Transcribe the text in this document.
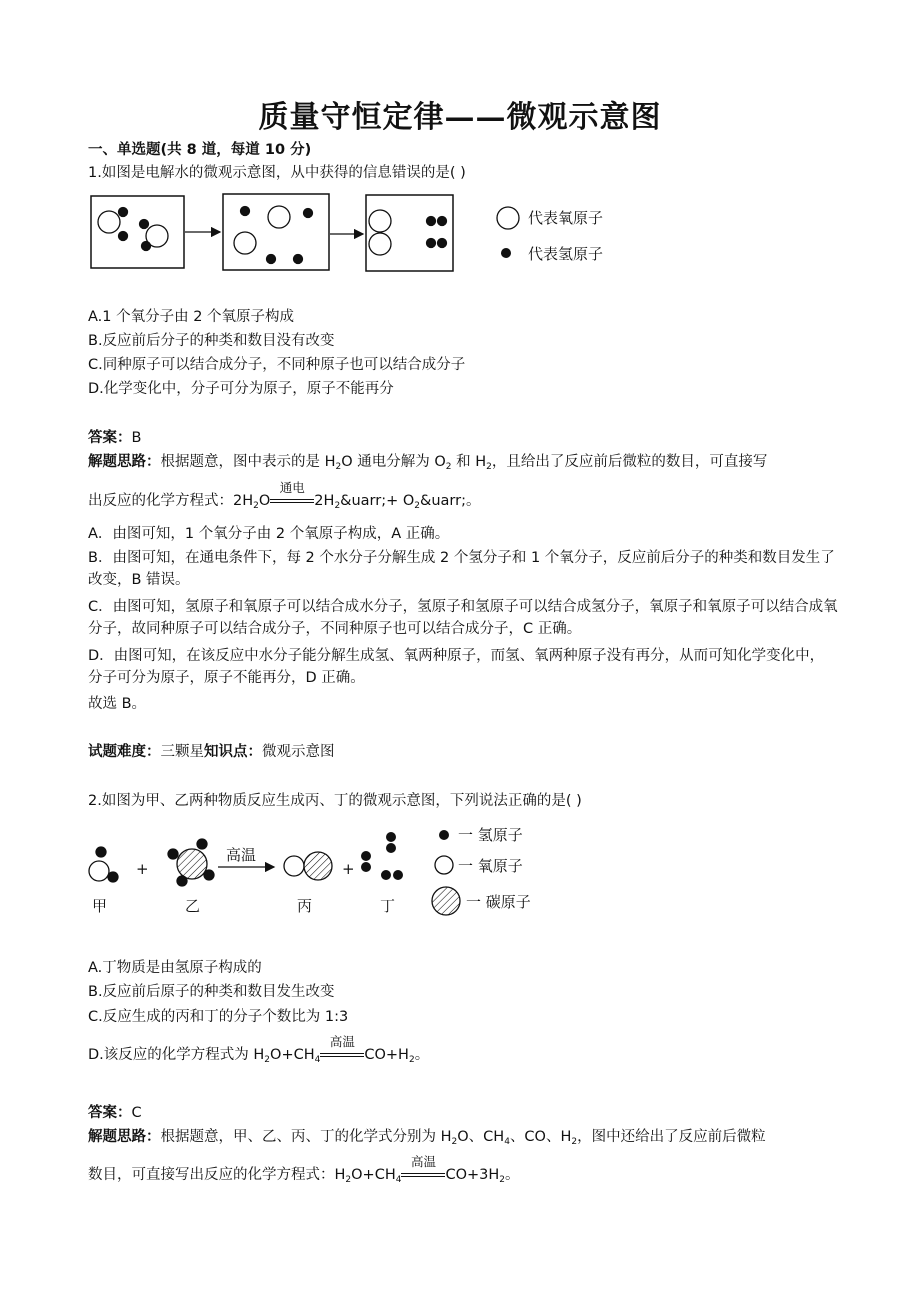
质量守恒定律——微观示意图
一、单选题(共 8 道，每道 10 分)
1.如图是电解水的微观示意图，从中获得的信息错误的是( )
代表氧原子
代表氢原子
A.1 个氧分子由 2 个氧原子构成
B.反应前后分子的种类和数目没有改变
C.同种原子可以结合成分子，不同种原子也可以结合成分子
D.化学变化中，分子可分为原子，原子不能再分
答案：B
解题思路：根据题意，图中表示的是 $H_2O$ 通电分解为 $O_2$ 和 $H_2$，且给出了反应前后微粒的数目，可直接写
出反应的化学方程式：$2H_2O$
通电
$2H_2\&uarr;+$ $O_2\&uarr$;。
A．由图可知，1 个氧分子由 2 个氧原子构成，A 正确。
B．由图可知，在通电条件下，每 2 个水分子分解生成 2 个氢分子和 1 个氧分子，反应前后分子的种类和数目发生了改变，B 错误。
C．由图可知，氢原子和氧原子可以结合成水分子，氢原子和氢原子可以结合成氢分子，氧原子和氧原子可以结合成氧分子，故同种原子可以结合成分子，不同种原子也可以结合成分子，C 正确。
D．由图可知，在该反应中水分子能分解生成氢、氧两种原子，而氢、氧两种原子没有再分，从而可知化学变化中，分子可分为原子，原子不能再分，D 正确。
故选 B。
试题难度：三颗星知识点：微观示意图
2.如图为甲、乙两种物质反应生成丙、丁的微观示意图，下列说法正确的是( )
+
高温
+
甲	乙	丙	丁
一 氢原子
一 氧原子
一 碳原子
A.丁物质是由氢原子构成的
B.反应前后原子的种类和数目发生改变
C.反应生成的丙和丁的分子个数比为 1:3
D.该反应的化学方程式为 $H_2O+CH_4$
高温
$CO+H_2$。
答案：C
解题思路：根据题意，甲、乙、丙、丁的化学式分别为 $H_2O$、$CH_4$、CO、$H_2$，图中还给出了反应前后微粒
数目，可直接写出反应的化学方程式：$H_2O+CH_4$
高温
$CO+3H_2$。
